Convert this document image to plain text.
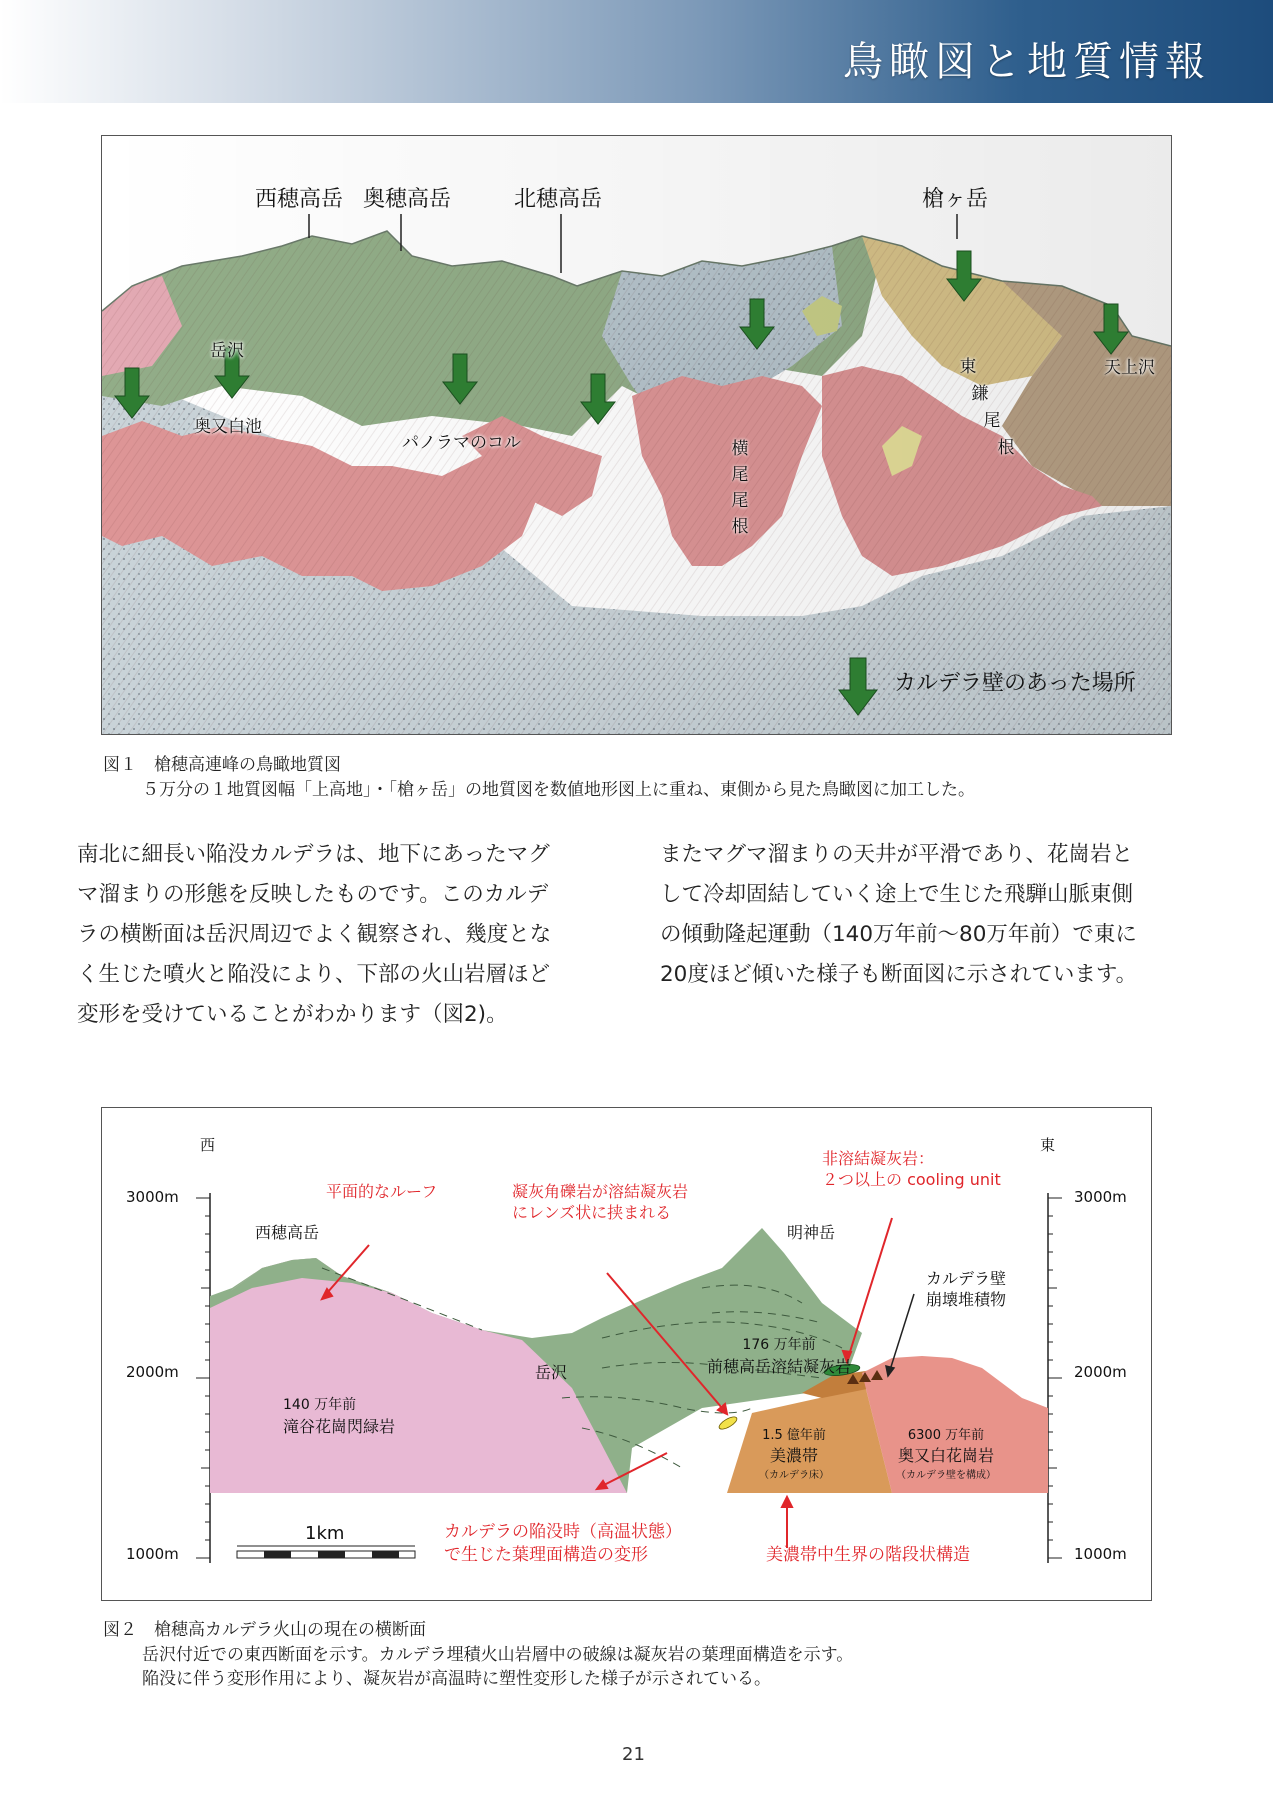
鳥瞰図と地質情報
西穂高岳 奥穂高岳	北穂高岳	槍ヶ岳
岳沢
奥又白池
パノラマのコル
天上沢
横
尾
尾
根
東
鎌
尾
根
カルデラ壁のあった場所
図１　槍穂高連峰の鳥瞰地質図
５万分の１地質図幅「上高地」・「槍ヶ岳」の地質図を数値地形図上に重ね、東側から見た鳥瞰図に加工した。

南北に細長い陥没カルデラは、地下にあったマグ

マ溜まりの形態を反映したものです。このカルデ

ラの横断面は岳沢周辺でよく観察され、幾度とな

く生じた噴火と陥没により、下部の火山岩層ほど

変形を受けていることがわかります（図2)。

またマグマ溜まりの天井が平滑であり、花崗岩と

して冷却固結していく途上で生じた飛騨山脈東側

の傾動隆起運動（140万年前〜80万年前）で東に

20度ほど傾いた様子も断面図に示されています。

西	東
3000m
2000m
1000m
3000m
2000m
1000m
西穂高岳	明神岳
岳沢
平面的なルーフ	凝灰角礫岩が溶結凝灰岩
にレンズ状に挟まれる
非溶結凝灰岩：
２つ以上の cooling unit
カルデラ壁
崩壊堆積物
176 万年前
前穂高岳溶結凝灰岩
140 万年前
滝谷花崗閃緑岩	1.5 億年前
美濃帯
（カルデラ床）
6300 万年前
奥又白花崗岩
（カルデラ壁を構成）
1km	カルデラの陥没時（高温状態）
で生じた葉理面構造の変形	美濃帯中生界の階段状構造
図２　槍穂高カルデラ火山の現在の横断面
岳沢付近での東西断面を示す。カルデラ埋積火山岩層中の破線は凝灰岩の葉理面構造を示す。
陥没に伴う変形作用により、凝灰岩が高温時に塑性変形した様子が示されている。
21
